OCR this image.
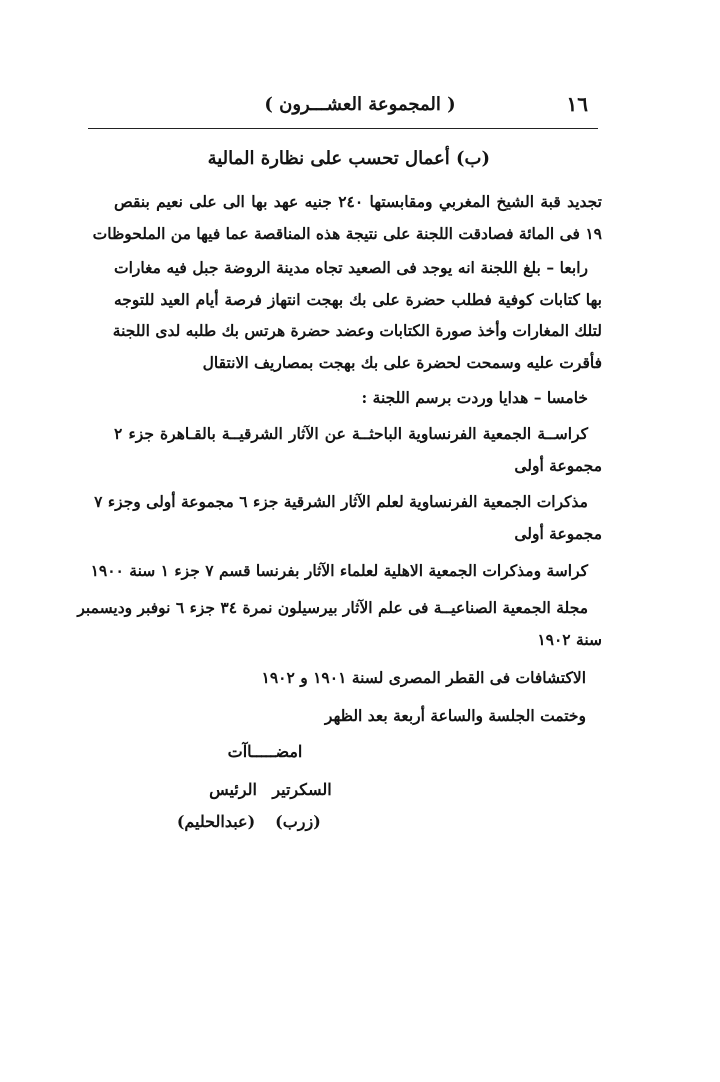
١٦
( المجموعة العشـــرون )
(ب) أعمال تحسب على نظارة المالية
تجديد قبة الشيخ المغربي ومقابستها ٢٤٠ جنيه عهد بها الى على نعيم بنقص
١٩ فى المائة فصادقت اللجنة على نتيجة هذه المناقصة عما فيها من الملحوظات
رابعا – بلغ اللجنة انه يوجد فى الصعيد تجاه مدينة الروضة جبل فيه مغارات
بها كتابات كوفية فطلب حضرة على بك بهجت انتهاز فرصة أيام العيد للتوجه
لتلك المغارات وأخذ صورة الكتابات وعضد حضرة هرتس بك طلبه لدى اللجنة
فأقرت عليه وسمحت لحضرة على بك بهجت بمصاريف الانتقال
خامسا – هدايا وردت برسم اللجنة :
كراســة الجمعية الفرنساوية الباحثــة عن الآثار الشرقيــة بالقـاهرة جزء ٢
مجموعة أولى
مذكرات الجمعية الفرنساوية لعلم الآثار الشرقية جزء ٦ مجموعة أولى وجزء ٧
مجموعة أولى
كراسة ومذكرات الجمعية الاهلية لعلماء الآثار بفرنسا قسم ٧ جزء ١ سنة ١٩٠٠
مجلة الجمعية الصناعيــة فى علم الآثار بيرسيلون نمرة ٣٤ جزء ٦ نوفبر وديسمبر
سنة ١٩٠٢
الاكتشافات فى القطر المصرى لسنة ١٩٠١ و ١٩٠٢
وختمت الجلسة والساعة أربعة بعد الظهر
امضـــــاآت
الرئيس السكرتير
(عبدالحليم)	(زرب)
